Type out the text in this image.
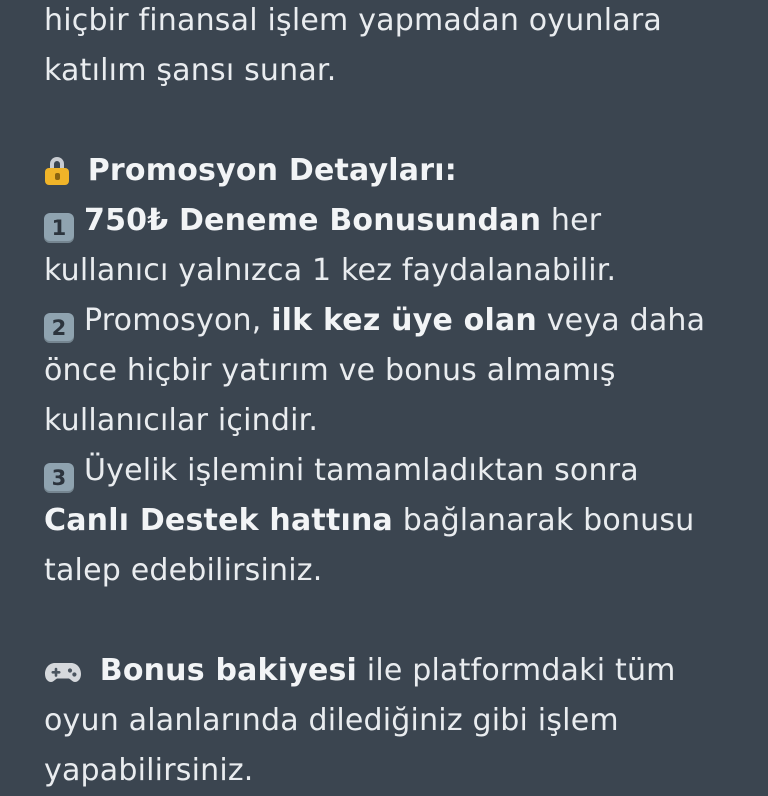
hiçbir finansal işlem yapmadan oyunlara
katılım şansı sunar.

Promosyon Detayları:

1 750₺ Deneme Bonusundan her kullanıcı yalnızca 1 kez faydalanabilir.

2 Promosyon, ilk kez üye olan veya daha önce hiçbir yatırım ve bonus almamış kullanıcılar içindir.

3 Üyelik işlemini tamamladıktan sonra Canlı Destek hattına bağlanarak bonusu talep edebilirsiniz.

Bonus bakiyesi ile platformdaki tüm oyun alanlarında dilediğiniz gibi işlem yapabilirsiniz.
